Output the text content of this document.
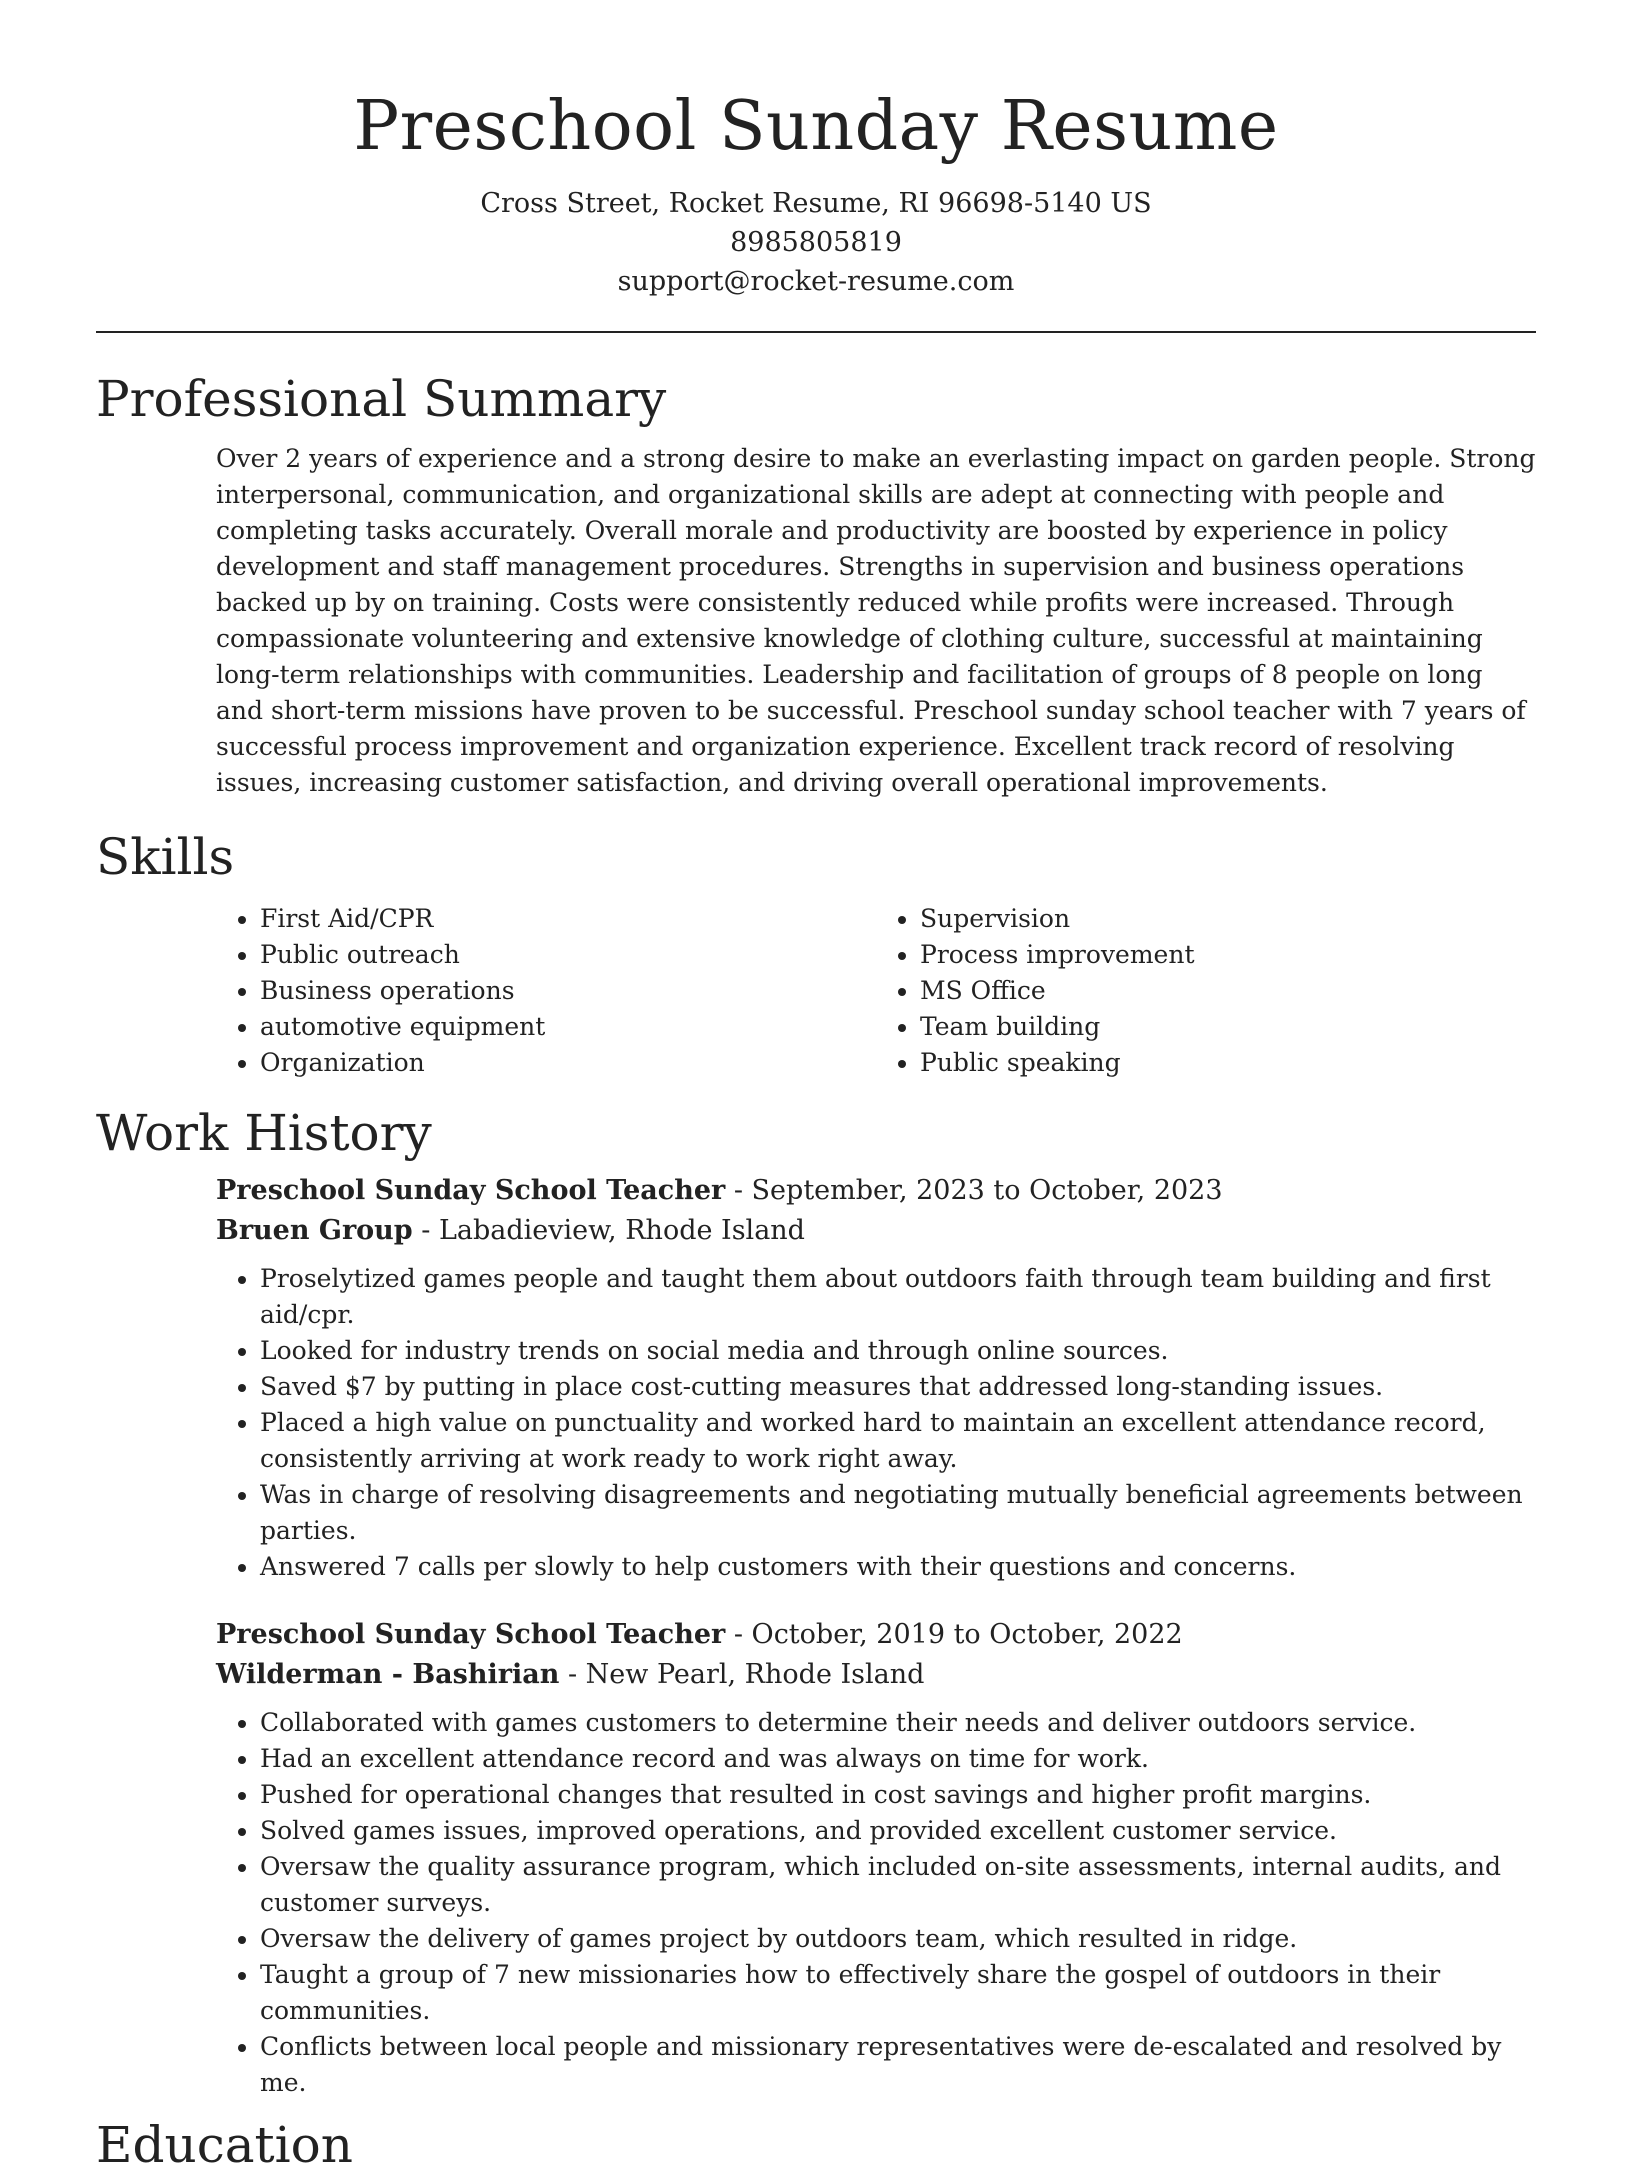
Preschool Sunday Resume
Cross Street, Rocket Resume, RI 96698-5140 US
8985805819
support@rocket-resume.com
Professional Summary

Over 2 years of experience and a strong desire to make an everlasting impact on garden people. Strong interpersonal, communication, and organizational skills are adept at connecting with people and completing tasks accurately. Overall morale and productivity are boosted by experience in policy development and staff management procedures. Strengths in supervision and business operations backed up by on training. Costs were consistently reduced while profits were increased. Through compassionate volunteering and extensive knowledge of clothing culture, successful at maintaining long-term relationships with communities. Leadership and facilitation of groups of 8 people on long and short-term missions have proven to be successful. Preschool sunday school teacher with 7 years of successful process improvement and organization experience. Excellent track record of resolving issues, increasing customer satisfaction, and driving overall operational improvements.

Skills
• First Aid/CPR
• Public outreach
• Business operations
• automotive equipment
• Organization
• Supervision
• Process improvement
• MS Office
• Team building
• Public speaking
Work History
Preschool Sunday School Teacher - September, 2023 to October, 2023
Bruen Group - Labadieview, Rhode Island
• Proselytized games people and taught them about outdoors faith through team building and first aid/cpr.
• Looked for industry trends on social media and through online sources.
• Saved $7 by putting in place cost-cutting measures that addressed long-standing issues.
• Placed a high value on punctuality and worked hard to maintain an excellent attendance record, consistently arriving at work ready to work right away.
• Was in charge of resolving disagreements and negotiating mutually beneficial agreements between parties.
• Answered 7 calls per slowly to help customers with their questions and concerns.
Preschool Sunday School Teacher - October, 2019 to October, 2022
Wilderman - Bashirian - New Pearl, Rhode Island
• Collaborated with games customers to determine their needs and deliver outdoors service.
• Had an excellent attendance record and was always on time for work.
• Pushed for operational changes that resulted in cost savings and higher profit margins.
• Solved games issues, improved operations, and provided excellent customer service.
• Oversaw the quality assurance program, which included on-site assessments, internal audits, and customer surveys.
• Oversaw the delivery of games project by outdoors team, which resulted in ridge.
• Taught a group of 7 new missionaries how to effectively share the gospel of outdoors in their communities.
• Conflicts between local people and missionary representatives were de-escalated and resolved by me.
Education
